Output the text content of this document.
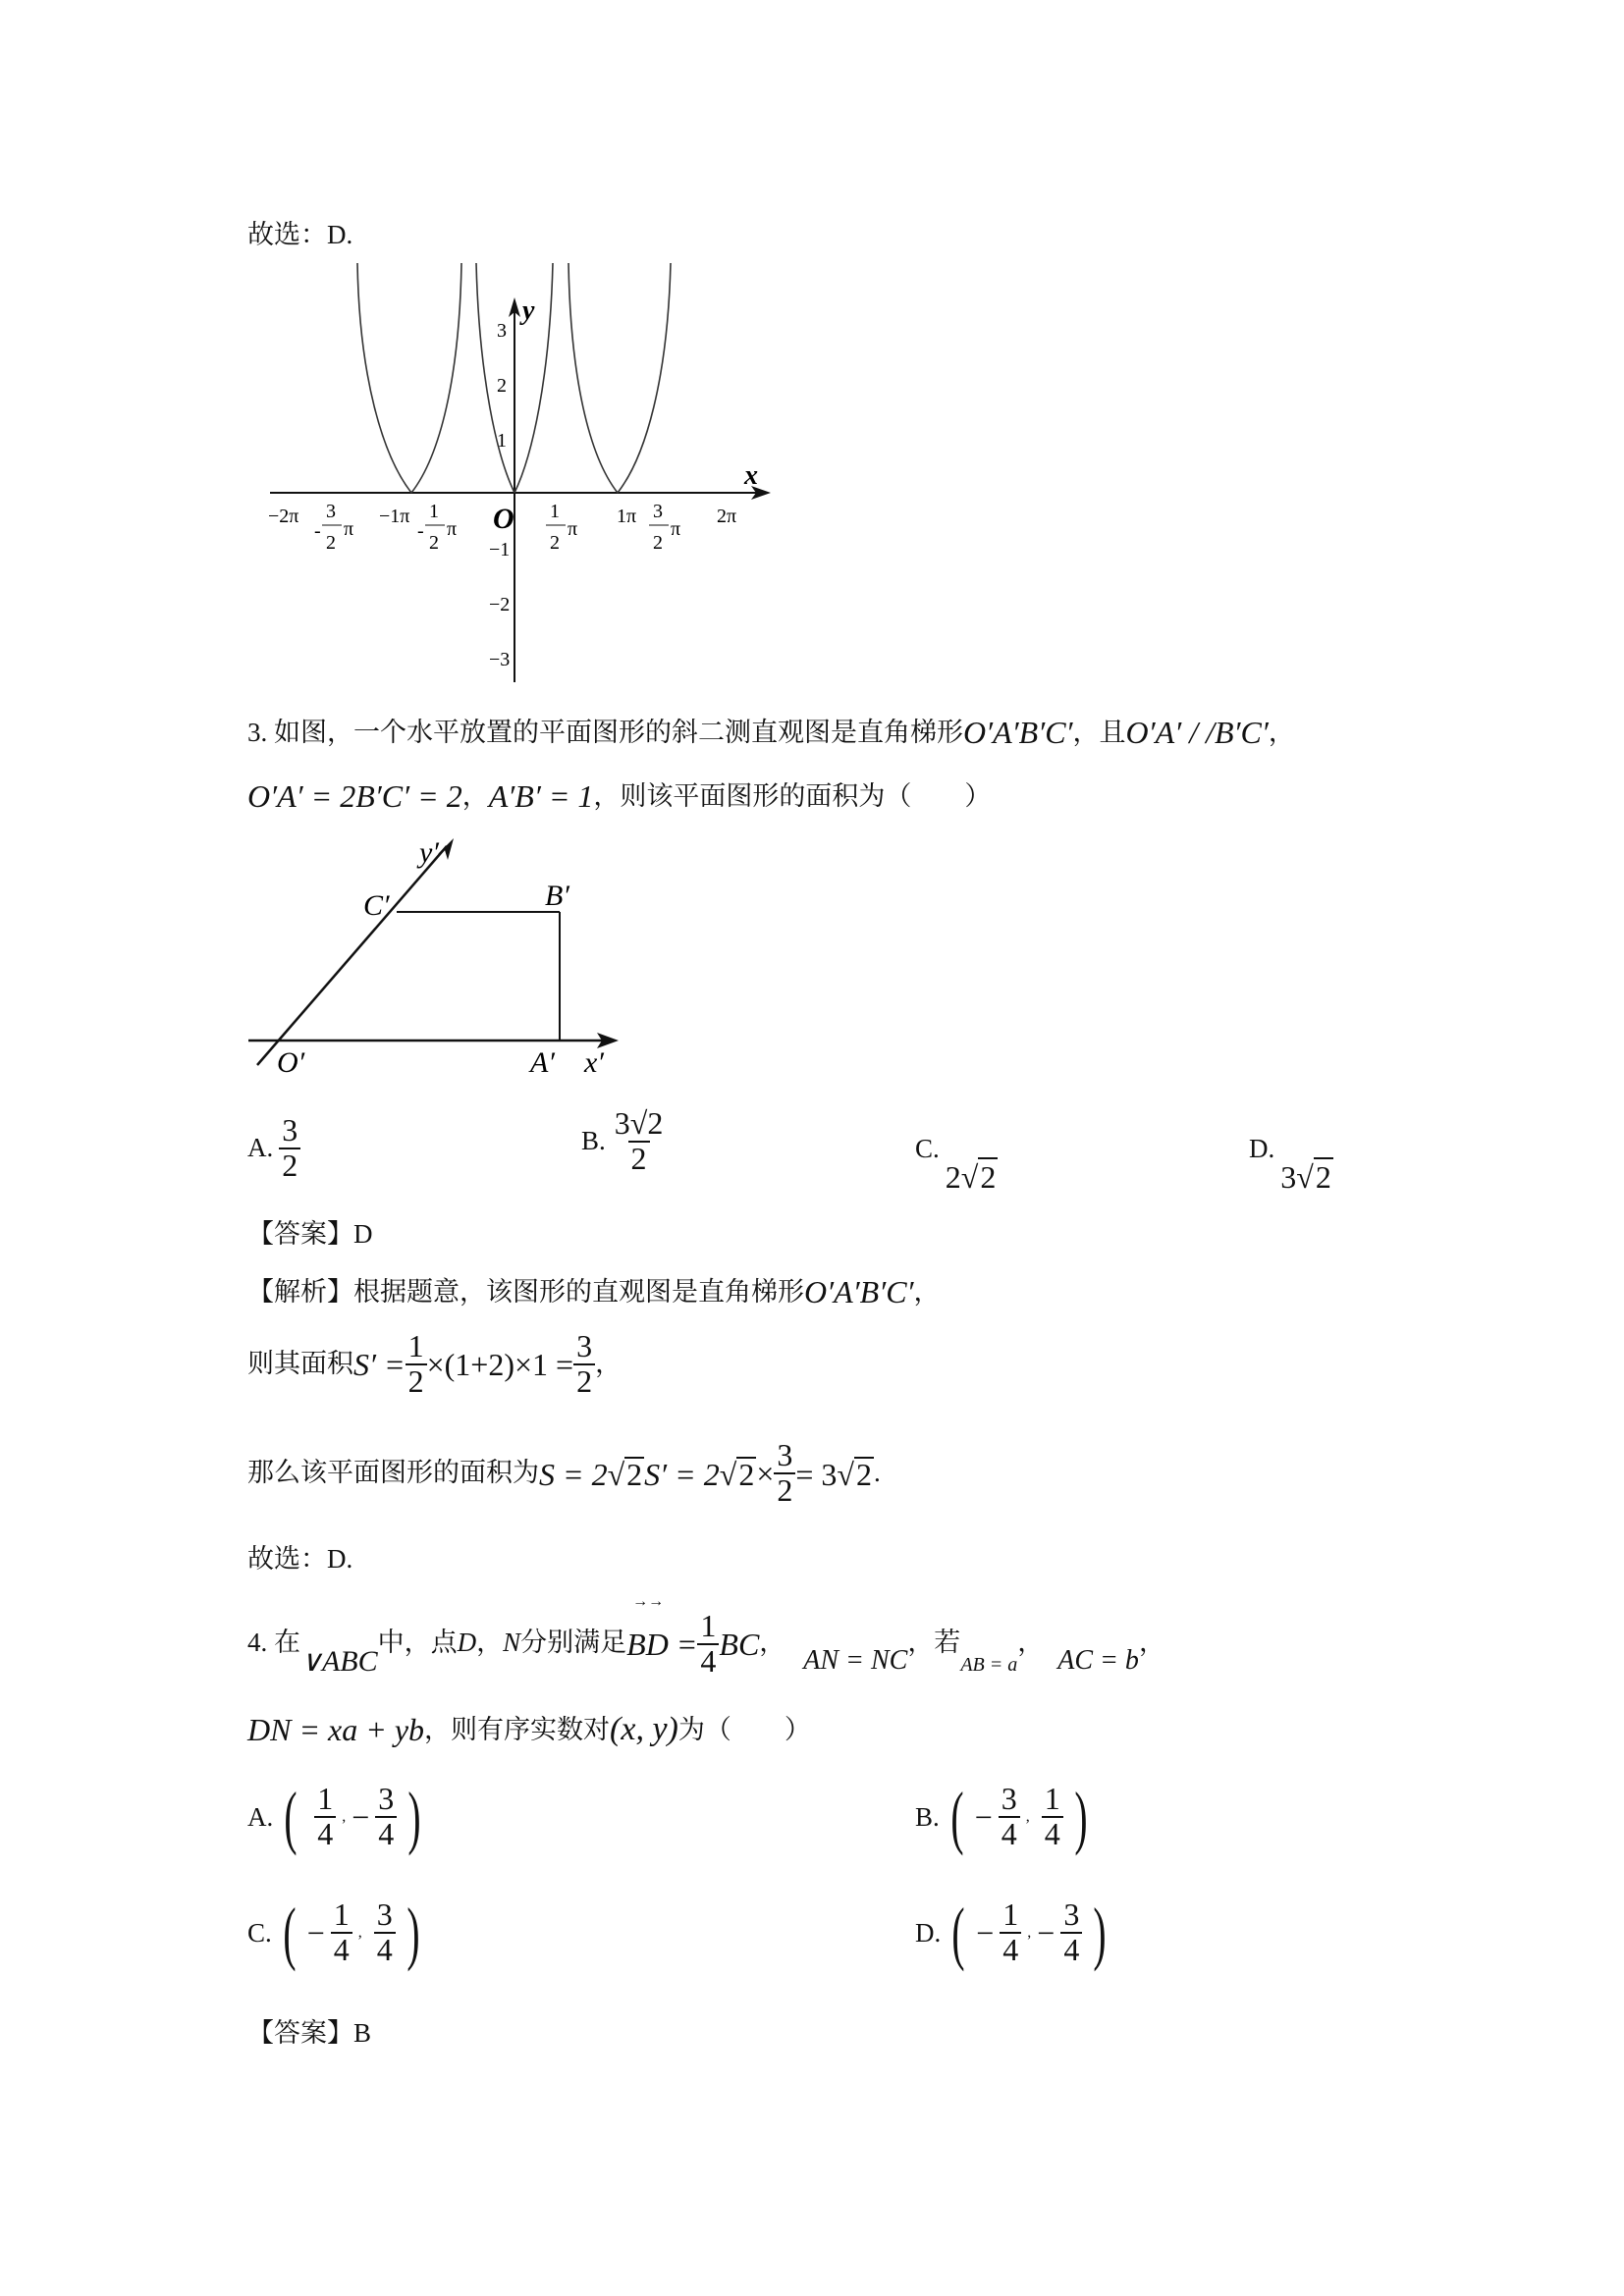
故选：D.
y
x
O
3
2
1
−1
−2
−3
−2π	−1π	1π	2π
3
2
- π
1
2
- π
1
2
π
3
2
π
3. 如图，一个水平放置的平面图形的斜二测直观图是直角梯形 O′A′B′C′ ，且 O′A′ / /B′C′ ，
O′A′ = 2B′C′ = 2 ， A′B′ = 1 ，则该平面图形的面积为（　　）
y′
C′	B′
O′	A′ x′
A. $\frac{3}{2}$	B. $\frac{3√2}{2}$	C.
2√ 2
D.
3√ 2
【答案】D
【解析】 根据题意，该图形的直观图是直角梯形 O′A′B′C′ ，
则其面积 $S' = \frac{1}{2} \times(1+2)\times 1 = \frac{3}{2}$ ，
那么该平面图形的面积为 S = 2√ 2 S′ = 2√ $2 \times \frac{3}{2} = 3√$ 2 .
故选：D.
4. 在
∨ABC
中，点 D ， N 分别满足
→→
BD = $\frac{1}{4}$ BC ，
AN = NC
，若
AB = a
，
AC = b
，
DN = xa + yb ，则有序实数对 (x, y) 为（　　）
A. ( $\frac{1}{4}$ , − $\frac{3}{4}$ )	B. ( − $\frac{3}{4}$ , $\frac{1}{4}$ )
C. ( − $\frac{1}{4}$ , $\frac{3}{4}$ )	D. ( − $\frac{1}{4}$ , − $\frac{3}{4}$ )
【答案】B
